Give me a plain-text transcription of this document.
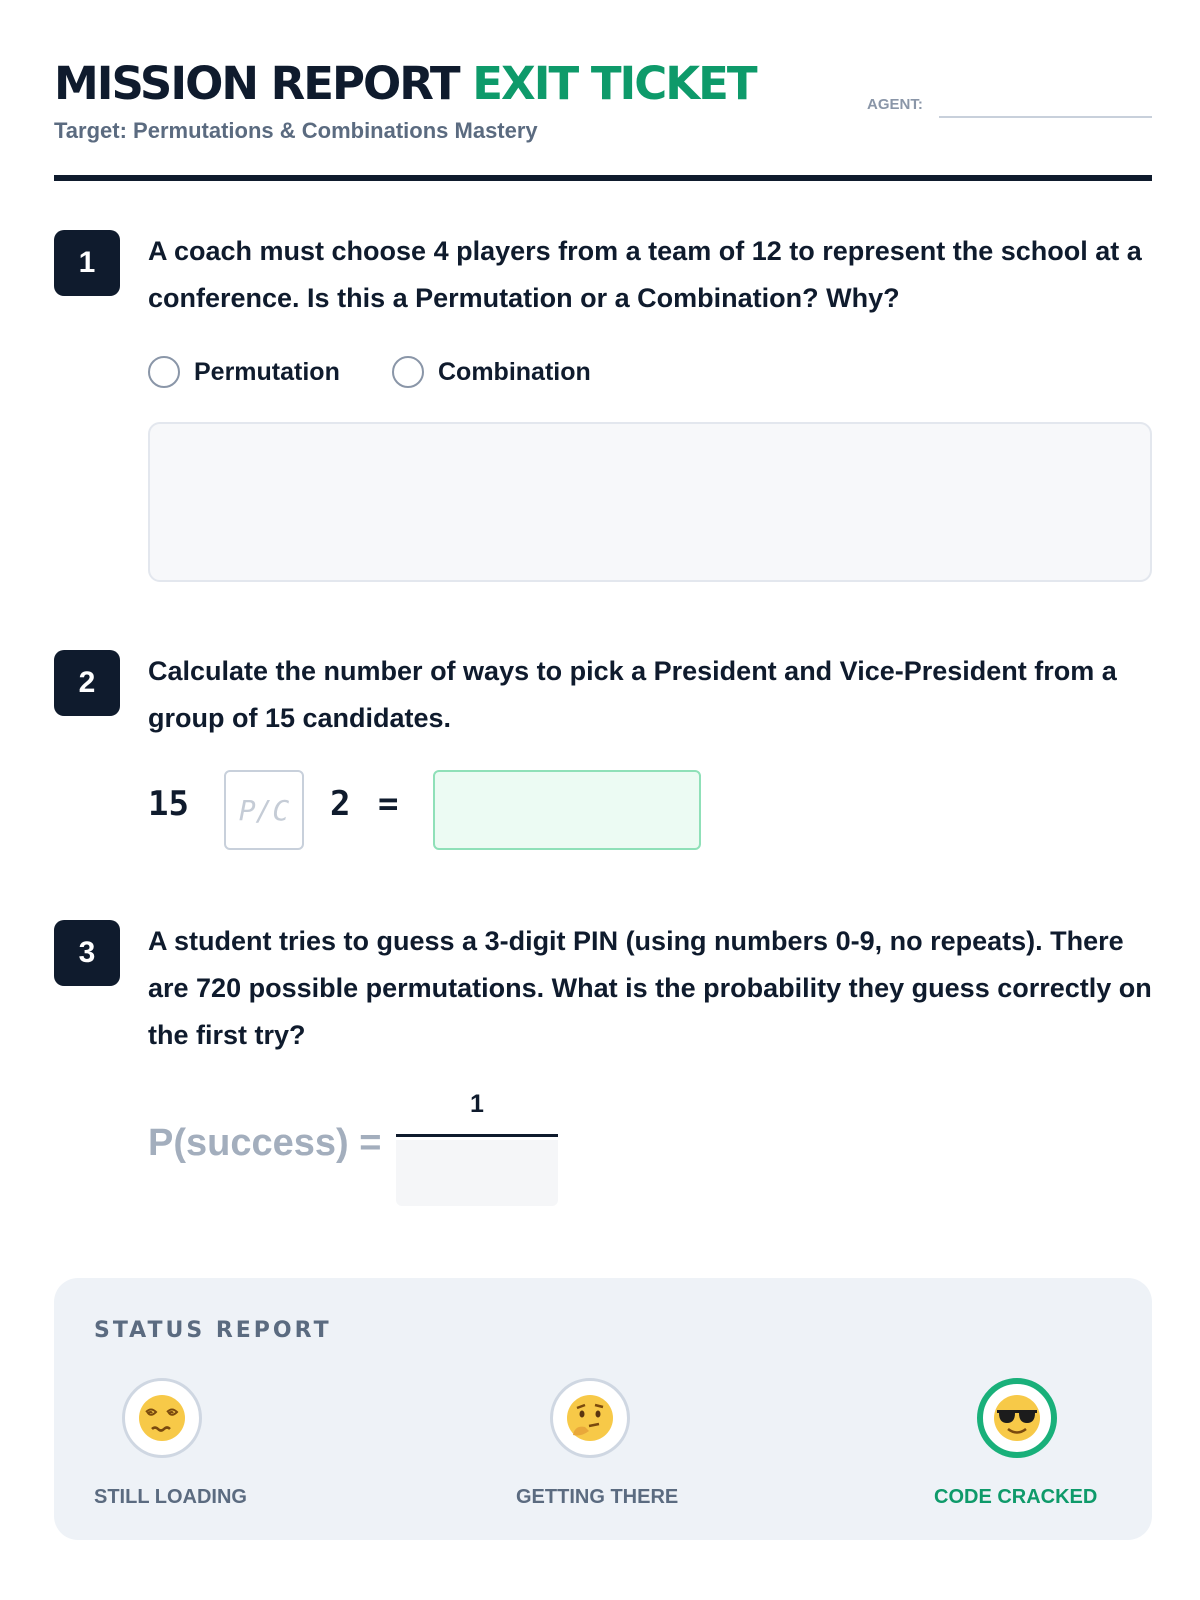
MISSION REPORT EXIT TICKET
Target: Permutations & Combinations Mastery
AGENT:
1	A coach must choose 4 players from a team of 12 to represent the school at a conference. Is this a Permutation or a Combination? Why?
Permutation	Combination
2	Calculate the number of ways to pick a President and Vice-President from a group of 15 candidates.
15 P/C 2 =
3	A student tries to guess a 3-digit PIN (using numbers 0-9, no repeats). There are 720 possible permutations. What is the probability they guess correctly on the first try?
P(success) =
1
STATUS REPORT
STILL LOADING	GETTING THERE	CODE CRACKED
